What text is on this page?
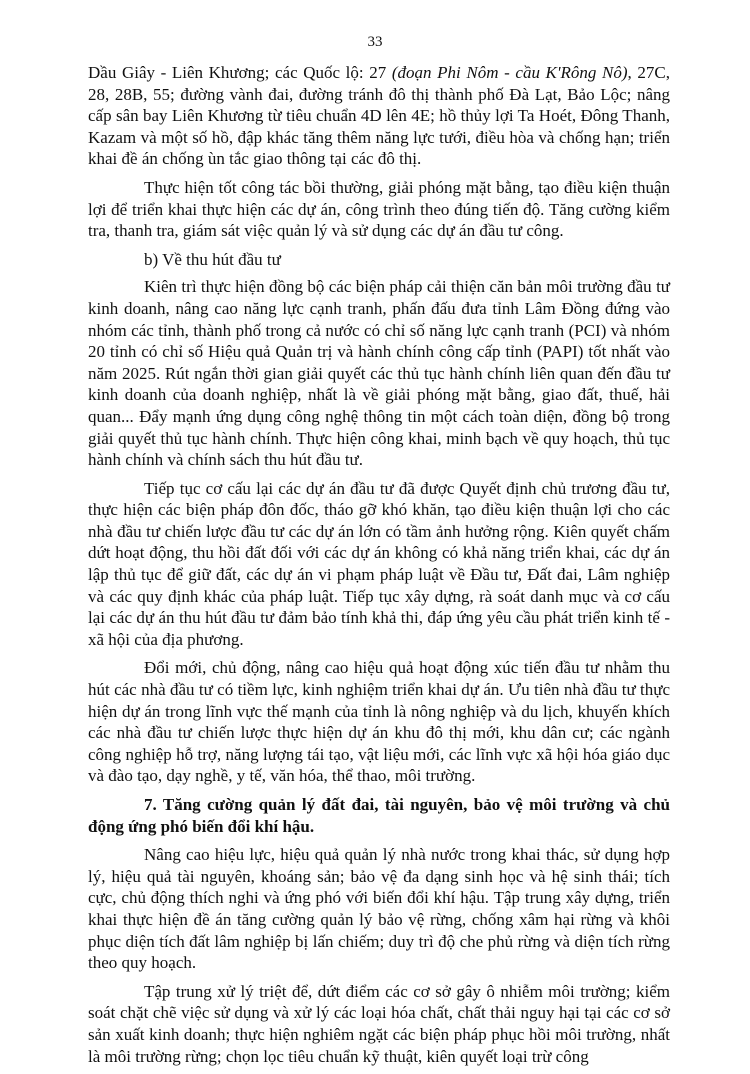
33

Dầu Giây - Liên Khương; các Quốc lộ: 27 (đoạn Phi Nôm - cầu K'Rông Nô), 27C, 28, 28B, 55; đường vành đai, đường tránh đô thị thành phố Đà Lạt, Bảo Lộc; nâng cấp sân bay Liên Khương từ tiêu chuẩn 4D lên 4E; hồ thủy lợi Ta Hoét, Đông Thanh, Kazam và một số hồ, đập khác tăng thêm năng lực tưới, điều hòa và chống hạn; triển khai đề án chống ùn tắc giao thông tại các đô thị.

Thực hiện tốt công tác bồi thường, giải phóng mặt bằng, tạo điều kiện thuận lợi để triển khai thực hiện các dự án, công trình theo đúng tiến độ. Tăng cường kiểm tra, thanh tra, giám sát việc quản lý và sử dụng các dự án đầu tư công.

b) Về thu hút đầu tư

Kiên trì thực hiện đồng bộ các biện pháp cải thiện căn bản môi trường đầu tư kinh doanh, nâng cao năng lực cạnh tranh, phấn đấu đưa tỉnh Lâm Đồng đứng vào nhóm các tỉnh, thành phố trong cả nước có chỉ số năng lực cạnh tranh (PCI) và nhóm 20 tỉnh có chỉ số Hiệu quả Quản trị và hành chính công cấp tỉnh (PAPI) tốt nhất vào năm 2025. Rút ngắn thời gian giải quyết các thủ tục hành chính liên quan đến đầu tư kinh doanh của doanh nghiệp, nhất là về giải phóng mặt bằng, giao đất, thuế, hải quan... Đẩy mạnh ứng dụng công nghệ thông tin một cách toàn diện, đồng bộ trong giải quyết thủ tục hành chính. Thực hiện công khai, minh bạch về quy hoạch, thủ tục hành chính và chính sách thu hút đầu tư.

Tiếp tục cơ cấu lại các dự án đầu tư đã được Quyết định chủ trương đầu tư, thực hiện các biện pháp đôn đốc, tháo gỡ khó khăn, tạo điều kiện thuận lợi cho các nhà đầu tư chiến lược đầu tư các dự án lớn có tầm ảnh hưởng rộng. Kiên quyết chấm dứt hoạt động, thu hồi đất đối với các dự án không có khả năng triển khai, các dự án lập thủ tục để giữ đất, các dự án vi phạm pháp luật về Đầu tư, Đất đai, Lâm nghiệp và các quy định khác của pháp luật. Tiếp tục xây dựng, rà soát danh mục và cơ cấu lại các dự án thu hút đầu tư đảm bảo tính khả thi, đáp ứng yêu cầu phát triển kinh tế - xã hội của địa phương.

Đổi mới, chủ động, nâng cao hiệu quả hoạt động xúc tiến đầu tư nhằm thu hút các nhà đầu tư có tiềm lực, kinh nghiệm triển khai dự án. Ưu tiên nhà đầu tư thực hiện dự án trong lĩnh vực thế mạnh của tỉnh là nông nghiệp và du lịch, khuyến khích các nhà đầu tư chiến lược thực hiện dự án khu đô thị mới, khu dân cư; các ngành công nghiệp hỗ trợ, năng lượng tái tạo, vật liệu mới, các lĩnh vực xã hội hóa giáo dục và đào tạo, dạy nghề, y tế, văn hóa, thể thao, môi trường.

7. Tăng cường quản lý đất đai, tài nguyên, bảo vệ môi trường và chủ động ứng phó biến đổi khí hậu.

Nâng cao hiệu lực, hiệu quả quản lý nhà nước trong khai thác, sử dụng hợp lý, hiệu quả tài nguyên, khoáng sản; bảo vệ đa dạng sinh học và hệ sinh thái; tích cực, chủ động thích nghi và ứng phó với biến đổi khí hậu. Tập trung xây dựng, triển khai thực hiện đề án tăng cường quản lý bảo vệ rừng, chống xâm hại rừng và khôi phục diện tích đất lâm nghiệp bị lấn chiếm; duy trì độ che phủ rừng và diện tích rừng theo quy hoạch.

Tập trung xử lý triệt để, dứt điểm các cơ sở gây ô nhiễm môi trường; kiểm soát chặt chẽ việc sử dụng và xử lý các loại hóa chất, chất thải nguy hại tại các cơ sở sản xuất kinh doanh; thực hiện nghiêm ngặt các biện pháp phục hồi môi trường, nhất là môi trường rừng; chọn lọc tiêu chuẩn kỹ thuật, kiên quyết loại trừ công
